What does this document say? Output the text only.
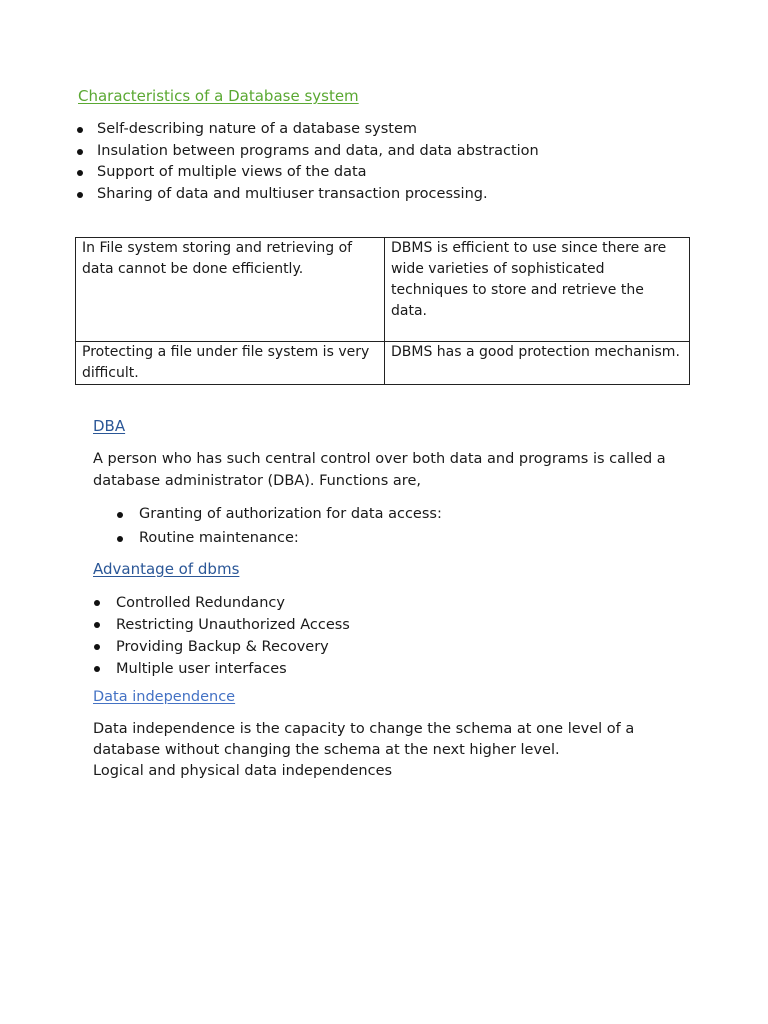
Characteristics of a Database system
Self-describing nature of a database system
Insulation between programs and data, and data abstraction
Support of multiple views of the data
Sharing of data and multiuser transaction processing.
In File system storing and retrieving of data cannot be done efficiently.	DBMS is efficient to use since there are wide varieties of sophisticated techniques to store and retrieve the data.
Protecting a file under file system is very difficult.	DBMS has a good protection mechanism.
DBA

A person who has such central control over both data and programs is called a database administrator (DBA). Functions are,

Granting of authorization for data access:
Routine maintenance:
Advantage of dbms
Controlled Redundancy
Restricting Unauthorized Access
Providing Backup & Recovery
Multiple user interfaces
Data independence

Data independence is the capacity to change the schema at one level of a database without changing the schema at the next higher level.
Logical and physical data independences
